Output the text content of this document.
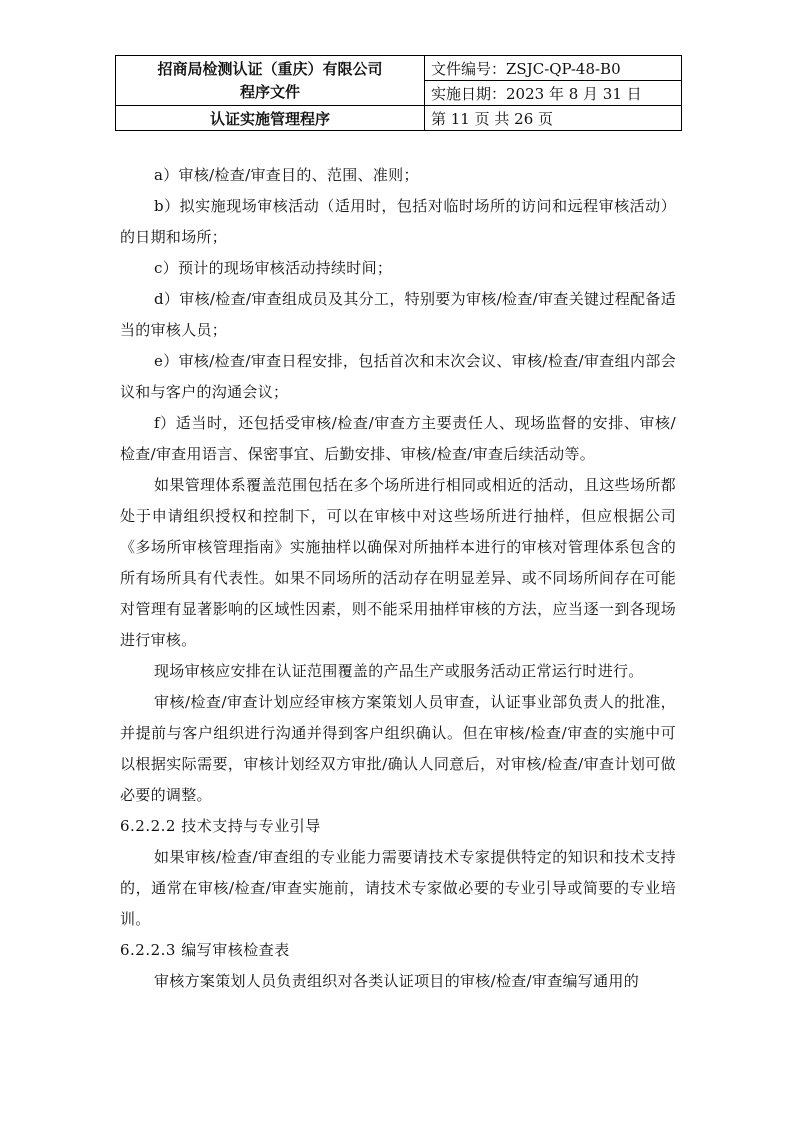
招商局检测认证（重庆）有限公司
程序文件	文件编号：ZSJC-QP-48-B0
	实施日期：2023 年 8 月 31 日
认证实施管理程序	第 11 页 共 26 页

a）审核/检查/审查目的、范围、准则；

b）拟实施现场审核活动（适用时，包括对临时场所的访问和远程审核活动）的日期和场所；

c）预计的现场审核活动持续时间；

d）审核/检查/审查组成员及其分工，特别要为审核/检查/审查关键过程配备适当的审核人员；

e）审核/检查/审查日程安排，包括首次和末次会议、审核/检查/审查组内部会议和与客户的沟通会议；

f）适当时，还包括受审核/检查/审查方主要责任人、现场监督的安排、审核/检查/审查用语言、保密事宜、后勤安排、审核/检查/审查后续活动等。

如果管理体系覆盖范围包括在多个场所进行相同或相近的活动，且这些场所都处于申请组织授权和控制下，可以在审核中对这些场所进行抽样，但应根据公司《多场所审核管理指南》实施抽样以确保对所抽样本进行的审核对管理体系包含的所有场所具有代表性。如果不同场所的活动存在明显差异、或不同场所间存在可能对管理有显著影响的区域性因素，则不能采用抽样审核的方法，应当逐一到各现场进行审核。

现场审核应安排在认证范围覆盖的产品生产或服务活动正常运行时进行。

审核/检查/审查计划应经审核方案策划人员审查，认证事业部负责人的批准，并提前与客户组织进行沟通并得到客户组织确认。但在审核/检查/审查的实施中可以根据实际需要，审核计划经双方审批/确认人同意后，对审核/检查/审查计划可做必要的调整。

6.2.2.2 技术支持与专业引导

如果审核/检查/审查组的专业能力需要请技术专家提供特定的知识和技术支持的，通常在审核/检查/审查实施前，请技术专家做必要的专业引导或简要的专业培训。

6.2.2.3 编写审核检查表

审核方案策划人员负责组织对各类认证项目的审核/检查/审查编写通用的
